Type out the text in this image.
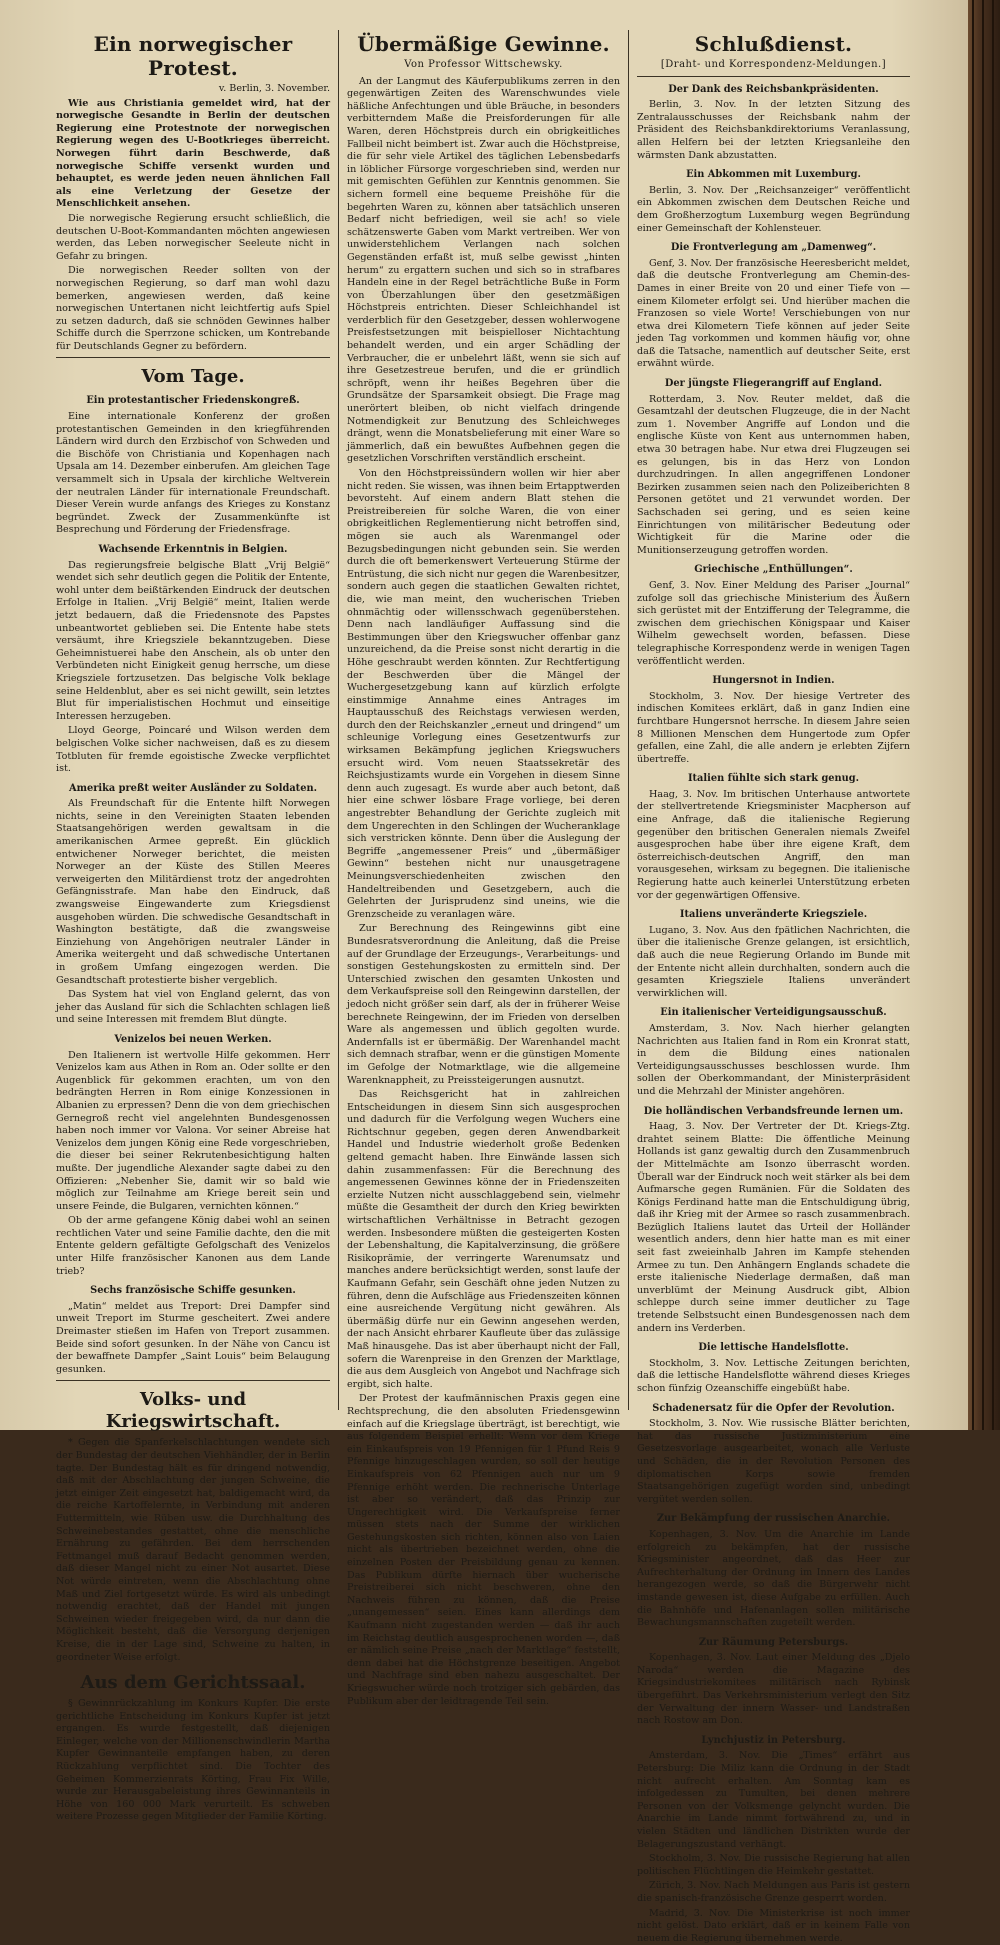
Ein norwegischer Protest.
v. Berlin, 3. November.

Wie aus Christiania gemeldet wird, hat der norwegische Gesandte in Berlin der deutschen Regierung eine Protestnote der norwegischen Regierung wegen des U-Bootkrieges überreicht. Norwegen führt darin Beschwerde, daß norwegische Schiffe versenkt wurden und behauptet, es werde jeden neuen ähnlichen Fall als eine Verletzung der Gesetze der Menschlichkeit ansehen.

Die norwegische Regierung ersucht schließlich, die deutschen U-Boot-Kommandanten möchten angewiesen werden, das Leben norwegischer Seeleute nicht in Gefahr zu bringen.

Die norwegischen Reeder sollten von der norwegischen Regierung, so darf man wohl dazu bemerken, angewiesen werden, daß keine norwegischen Untertanen nicht leichtfertig aufs Spiel zu setzen dadurch, daß sie schnöden Gewinnes halber Schiffe durch die Sperrzone schicken, um Kontrebande für Deutschlands Gegner zu befördern.

Vom Tage.
Ein protestantischer Friedenskongreß.

Eine internationale Konferenz der großen protestantischen Gemeinden in den kriegführenden Ländern wird durch den Erzbischof von Schweden und die Bischöfe von Christiania und Kopenhagen nach Upsala am 14. Dezember einberufen. Am gleichen Tage versammelt sich in Upsala der kirchliche Weltverein der neutralen Länder für internationale Freundschaft. Dieser Verein wurde anfangs des Krieges zu Konstanz begründet. Zweck der Zusammenkünfte ist Besprechung und Förderung der Friedensfrage.

Wachsende Erkenntnis in Belgien.

Das regierungsfreie belgische Blatt „Vrij België“ wendet sich sehr deutlich gegen die Politik der Entente, wohl unter dem beißtärkenden Eindruck der deutschen Erfolge in Italien. „Vrij België“ meint, Italien werde jetzt bedauern, daß die Friedensnote des Papstes unbeantwortet geblieben sei. Die Entente habe stets versäumt, ihre Kriegsziele bekanntzugeben. Diese Geheimnistuerei habe den Anschein, als ob unter den Verbündeten nicht Einigkeit genug herrsche, um diese Kriegsziele fortzusetzen. Das belgische Volk beklage seine Heldenblut, aber es sei nicht gewillt, sein letztes Blut für imperialistischen Hochmut und einseitige Interessen herzugeben.

Lloyd George, Poincaré und Wilson werden dem belgischen Volke sicher nachweisen, daß es zu diesem Totbluten für fremde egoistische Zwecke verpflichtet ist.

Amerika preßt weiter Ausländer zu Soldaten.

Als Freundschaft für die Entente hilft Norwegen nichts, seine in den Vereinigten Staaten lebenden Staatsangehörigen werden gewaltsam in die amerikanischen Armee gepreßt. Ein glücklich entwichener Norweger berichtet, die meisten Norweger an der Küste des Stillen Meeres verweigerten den Militärdienst trotz der angedrohten Gefängnisstrafe. Man habe den Eindruck, daß zwangsweise Eingewanderte zum Kriegsdienst ausgehoben würden. Die schwedische Gesandtschaft in Washington bestätigte, daß die zwangsweise Einziehung von Angehörigen neutraler Länder in Amerika weitergeht und daß schwedische Untertanen in großem Umfang eingezogen werden. Die Gesandtschaft protestierte bisher vergeblich.

Das System hat viel von England gelernt, das von jeher das Ausland für sich die Schlachten schlagen ließ und seine Interessen mit fremdem Blut düngte.

Venizelos bei neuen Werken.

Den Italienern ist wertvolle Hilfe gekommen. Herr Venizelos kam aus Athen in Rom an. Oder sollte er den Augenblick für gekommen erachten, um von den bedrängten Herren in Rom einige Konzessionen in Albanien zu erpressen? Denn die von dem griechischen Gernegroß recht viel angelehnten Bundesgenossen haben noch immer vor Valona. Vor seiner Abreise hat Venizelos dem jungen König eine Rede vorgeschrieben, die dieser bei seiner Rekrutenbesichtigung halten mußte. Der jugendliche Alexander sagte dabei zu den Offizieren: „Nebenher Sie, damit wir so bald wie möglich zur Teilnahme am Kriege bereit sein und unsere Feinde, die Bulgaren, vernichten können.“

Ob der arme gefangene König dabei wohl an seinen rechtlichen Vater und seine Familie dachte, den die mit Entente geldern gefältigte Gefolgschaft des Venizelos unter Hilfe französischer Kanonen aus dem Lande trieb?

Sechs französische Schiffe gesunken.

„Matin“ meldet aus Treport: Drei Dampfer sind unweit Treport im Sturme gescheitert. Zwei andere Dreimaster stießen im Hafen von Treport zusammen. Beide sind sofort gesunken. In der Nähe von Cancu ist der bewaffnete Dampfer „Saint Louis“ beim Belaugung gesunken.

Volks- und Kriegswirtschaft.

* Gegen die Spanferkelschlachtungen wendete sich der Bundestag der deutschen Viehhändler, der in Berlin tagte. Der Bundestag hält es für dringend notwendig, daß mit der Abschlachtung der jungen Schweine, die jetzt einiger Zeit eingesetzt hat, baldigemacht wird, da die reiche Kartoffelernte, in Verbindung mit anderen Futtermitteln, wie Rüben usw. die Durchhaltung des Schweinebestandes gestattet, ohne die menschliche Ernährung zu gefährden. Bei dem herrschenden Fettmangel muß darauf Bedacht genommen werden, daß dieser Mangel nicht zu einer Not ausartet. Diese Not würde eintreten, wenn die Abschlachtung ohne Maß und Ziel fortgesetzt würde. Es wird als unbedingt notwendig erachtet, daß der Handel mit jungen Schweinen wieder freigegeben wird, da nur dann die Möglichkeit besteht, daß die Versorgung derjenigen Kreise, die in der Lage sind, Schweine zu halten, in geordneter Weise erfolgt.

Aus dem Gerichtssaal.

§ Gewinnrückzahlung im Konkurs Kupfer. Die erste gerichtliche Entscheidung im Konkurs Kupfer ist jetzt ergangen. Es wurde festgestellt, daß diejenigen Einleger, welche von der Millionenschwindlerin Martha Kupfer Gewinnanteile empfangen haben, zu deren Rückzahlung verpflichtet sind. Die Tochter des Geheimen Kommerzienrats Körting, Frau Fix Wille, wurde zur Herausgabeleistung ihres Gewinnanteils in Höhe von 160 000 Mark verurteilt. Es schweben weitere Prozesse gegen Mitglieder der Familie Körting.

Übermäßige Gewinne.
Von Professor Wittschewsky.

An der Langmut des Käuferpublikums zerren in den gegenwärtigen Zeiten des Warenschwundes viele häßliche Anfechtungen und üble Bräuche, in besonders verbitterndem Maße die Preisforderungen für alle Waren, deren Höchstpreis durch ein obrigkeitliches Fallbeil nicht beimbert ist. Zwar auch die Höchstpreise, die für sehr viele Artikel des täglichen Lebensbedarfs in löblicher Fürsorge vorgeschrieben sind, werden nur mit gemischten Gefühlen zur Kenntnis genommen. Sie sichern formell eine bequeme Preishöhe für die begehrten Waren zu, können aber tatsächlich unseren Bedarf nicht befriedigen, weil sie ach! so viele schätzenswerte Gaben vom Markt vertreiben. Wer von unwiderstehlichem Verlangen nach solchen Gegenständen erfaßt ist, muß selbe gewisst „hinten herum“ zu ergattern suchen und sich so in strafbares Handeln eine in der Regel beträchtliche Buße in Form von Überzahlungen über den gesetzmäßigen Höchstpreis entrichten. Dieser Schleichhandel ist verderblich für den Gesetzgeber, dessen wohlerwogene Preisfestsetzungen mit beispielloser Nichtachtung behandelt werden, und ein arger Schädling der Verbraucher, die er unbelehrt läßt, wenn sie sich auf ihre Gesetzestreue berufen, und die er gründlich schröpft, wenn ihr heißes Begehren über die Grundsätze der Sparsamkeit obsiegt. Die Frage mag unerörtert bleiben, ob nicht vielfach dringende Notmendigkeit zur Benutzung des Schleichweges drängt, wenn die Monatsbelieferung mit einer Ware so jämmerlich, daß ein bewußtes Aufbehnen gegen die gesetzlichen Vorschriften verständlich erscheint.

Von den Höchstpreissündern wollen wir hier aber nicht reden. Sie wissen, was ihnen beim Ertapptwerden bevorsteht. Auf einem andern Blatt stehen die Preistreibereien für solche Waren, die von einer obrigkeitlichen Reglementierung nicht betroffen sind, mögen sie auch als Warenmangel oder Bezugsbedingungen nicht gebunden sein. Sie werden durch die oft bemerkenswert Verteuerung Stürme der Entrüstung, die sich nicht nur gegen die Warenbesitzer, sondern auch gegen die staatlichen Gewalten richtet, die, wie man meint, den wucherischen Trieben ohnmächtig oder willensschwach gegenüberstehen. Denn nach landläufiger Auffassung sind die Bestimmungen über den Kriegswucher offenbar ganz unzureichend, da die Preise sonst nicht derartig in die Höhe geschraubt werden könnten. Zur Rechtfertigung der Beschwerden über die Mängel der Wuchergesetzgebung kann auf kürzlich erfolgte einstimmige Annahme eines Antrages im Hauptausschuß des Reichstags verwiesen werden, durch den der Reichskanzler „erneut und dringend“ um schleunige Vorlegung eines Gesetzentwurfs zur wirksamen Bekämpfung jeglichen Kriegswuchers ersucht wird. Vom neuen Staatssekretär des Reichsjustizamts wurde ein Vorgehen in diesem Sinne denn auch zugesagt. Es wurde aber auch betont, daß hier eine schwer lösbare Frage vorliege, bei deren angestrebter Behandlung der Gerichte zugleich mit dem Ungerechten in den Schlingen der Wucheranklage sich verstricken könnte. Denn über die Auslegung der Begriffe „angemessener Preis“ und „übermäßiger Gewinn“ bestehen nicht nur unausgetragene Meinungsverschiedenheiten zwischen den Handeltreibenden und Gesetzgebern, auch die Gelehrten der Jurisprudenz sind uneins, wie die Grenzscheide zu veranlagen wäre.

Zur Berechnung des Reingewinns gibt eine Bundesratsverordnung die Anleitung, daß die Preise auf der Grundlage der Erzeugungs-, Verarbeitungs- und sonstigen Gestehungskosten zu ermitteln sind. Der Unterschied zwischen den gesamten Unkosten und dem Verkaufspreise soll den Reingewinn darstellen, der jedoch nicht größer sein darf, als der in früherer Weise berechnete Reingewinn, der im Frieden von derselben Ware als angemessen und üblich gegolten wurde. Andernfalls ist er übermäßig. Der Warenhandel macht sich demnach strafbar, wenn er die günstigen Momente im Gefolge der Notmarktlage, wie die allgemeine Warenknappheit, zu Preissteigerungen ausnutzt.

Das Reichsgericht hat in zahlreichen Entscheidungen in diesem Sinn sich ausgesprochen und dadurch für die Verfolgung wegen Wuchers eine Richtschnur gegeben, gegen deren Anwendbarkeit Handel und Industrie wiederholt große Bedenken geltend gemacht haben. Ihre Einwände lassen sich dahin zusammenfassen: Für die Berechnung des angemessenen Gewinnes könne der in Friedenszeiten erzielte Nutzen nicht ausschlaggebend sein, vielmehr müßte die Gesamtheit der durch den Krieg bewirkten wirtschaftlichen Verhältnisse in Betracht gezogen werden. Insbesondere müßten die gesteigerten Kosten der Lebenshaltung, die Kapitalverzinsung, die größere Risikoprämie, der verringerte Warenumsatz und manches andere berücksichtigt werden, sonst laufe der Kaufmann Gefahr, sein Geschäft ohne jeden Nutzen zu führen, denn die Aufschläge aus Friedenszeiten können eine ausreichende Vergütung nicht gewähren. Als übermäßig dürfe nur ein Gewinn angesehen werden, der nach Ansicht ehrbarer Kaufleute über das zulässige Maß hinausgehe. Das ist aber überhaupt nicht der Fall, sofern die Warenpreise in den Grenzen der Marktlage, die aus dem Ausgleich von Angebot und Nachfrage sich ergibt, sich halte.

Der Protest der kaufmännischen Praxis gegen eine Rechtsprechung, die den absoluten Friedensgewinn einfach auf die Kriegslage überträgt, ist berechtigt, wie aus folgendem Beispiel erhellt: Wenn vor dem Kriege ein Einkaufspreis von 19 Pfennigen für 1 Pfund Reis 9 Pfennige hinzugeschlagen wurden, so soll der heutige Einkaufspreis von 62 Pfennigen auch nur um 9 Pfennige erhöht werden. Die rechnerische Unterlage ist aber so verändert, daß das Prinzip zur Ungerechtigkeit wird. Die Verkaufspreise ferner müssen stets nach der Summe der wirklichen Gestehungskosten sich richten, können also von Laien nicht als übertrieben bezeichnet werden, ohne die einzelnen Posten der Preisbildung genau zu kennen. Das Publikum dürfte hiernach über wucherische Preistreiberei sich nicht beschweren, ohne den Nachweis führen zu können, daß die Preise „unangemessen“ seien. Eines kann allerdings dem Kaufmann nicht zugestanden werden — daß ihr auch im Reichstag deutlich ausgesprochenen worden —, daß er nämlich seine Preise „nach der Marktlage“ feststellt, denn dabei hat die Höchstgrenze beseitigen. Angebot und Nachfrage sind eben nahezu ausgeschaltet. Der Kriegswucher würde noch trotziger sich gebärden, das Publikum aber der leidtragende Teil sein.

Schlußdienst.
[Draht- und Korrespondenz-Meldungen.]
Der Dank des Reichsbankpräsidenten.

Berlin, 3. Nov. In der letzten Sitzung des Zentralausschusses der Reichsbank nahm der Präsident des Reichsbankdirektoriums Veranlassung, allen Helfern bei der letzten Kriegsanleihe den wärmsten Dank abzustatten.

Ein Abkommen mit Luxemburg.

Berlin, 3. Nov. Der „Reichsanzeiger“ veröffentlicht ein Abkommen zwischen dem Deutschen Reiche und dem Großherzogtum Luxemburg wegen Begründung einer Gemeinschaft der Kohlensteuer.

Die Frontverlegung am „Damenweg“.

Genf, 3. Nov. Der französische Heeresbericht meldet, daß die deutsche Frontverlegung am Chemin-des-Dames in einer Breite von 20 und einer Tiefe von — einem Kilometer erfolgt sei. Und hierüber machen die Franzosen so viele Worte! Verschiebungen von nur etwa drei Kilometern Tiefe können auf jeder Seite jeden Tag vorkommen und kommen häufig vor, ohne daß die Tatsache, namentlich auf deutscher Seite, erst erwähnt würde.

Der jüngste Fliegerangriff auf England.

Rotterdam, 3. Nov. Reuter meldet, daß die Gesamtzahl der deutschen Flugzeuge, die in der Nacht zum 1. November Angriffe auf London und die englische Küste von Kent aus unternommen haben, etwa 30 betragen habe. Nur etwa drei Flugzeugen sei es gelungen, bis in das Herz von London durchzudringen. In allen angegriffenen Londoner Bezirken zusammen seien nach den Polizeiberichten 8 Personen getötet und 21 verwundet worden. Der Sachschaden sei gering, und es seien keine Einrichtungen von militärischer Bedeutung oder Wichtigkeit für die Marine oder die Munitionserzeugung getroffen worden.

Griechische „Enthüllungen“.

Genf, 3. Nov. Einer Meldung des Pariser „Journal“ zufolge soll das griechische Ministerium des Äußern sich gerüstet mit der Entzifferung der Telegramme, die zwischen dem griechischen Königspaar und Kaiser Wilhelm gewechselt worden, befassen. Diese telegraphische Korrespondenz werde in wenigen Tagen veröffentlicht werden.

Hungersnot in Indien.

Stockholm, 3. Nov. Der hiesige Vertreter des indischen Komitees erklärt, daß in ganz Indien eine furchtbare Hungersnot herrsche. In diesem Jahre seien 8 Millionen Menschen dem Hungertode zum Opfer gefallen, eine Zahl, die alle andern je erlebten Zijfern übertreffe.

Italien fühlte sich stark genug.

Haag, 3. Nov. Im britischen Unterhause antwortete der stellvertretende Kriegsminister Macpherson auf eine Anfrage, daß die italienische Regierung gegenüber den britischen Generalen niemals Zweifel ausgesprochen habe über ihre eigene Kraft, dem österreichisch-deutschen Angriff, den man vorausgesehen, wirksam zu begegnen. Die italienische Regierung hatte auch keinerlei Unterstützung erbeten vor der gegenwärtigen Offensive.

Italiens unveränderte Kriegsziele.

Lugano, 3. Nov. Aus den fpätlichen Nachrichten, die über die italienische Grenze gelangen, ist ersichtlich, daß auch die neue Regierung Orlando im Bunde mit der Entente nicht allein durchhalten, sondern auch die gesamten Kriegsziele Italiens unverändert verwirklichen will.

Ein italienischer Verteidigungsausschuß.

Amsterdam, 3. Nov. Nach hierher gelangten Nachrichten aus Italien fand in Rom ein Kronrat statt, in dem die Bildung eines nationalen Verteidigungsausschusses beschlossen wurde. Ihm sollen der Oberkommandant, der Ministerpräsident und die Mehrzahl der Minister angehören.

Die holländischen Verbandsfreunde lernen um.

Haag, 3. Nov. Der Vertreter der Dt. Kriegs-Ztg. drahtet seinem Blatte: Die öffentliche Meinung Hollands ist ganz gewaltig durch den Zusammenbruch der Mittelmächte am Isonzo überrascht worden. Überall war der Eindruck noch weit stärker als bei dem Aufmarsche gegen Rumänien. Für die Soldaten des Königs Ferdinand hatte man die Entschuldigung übrig, daß ihr Krieg mit der Armee so rasch zusammenbrach. Bezüglich Italiens lautet das Urteil der Holländer wesentlich anders, denn hier hatte man es mit einer seit fast zweieinhalb Jahren im Kampfe stehenden Armee zu tun. Den Anhängern Englands schadete die erste italienische Niederlage dermaßen, daß man unverblümt der Meinung Ausdruck gibt, Albion schleppe durch seine immer deutlicher zu Tage tretende Selbstsucht einen Bundesgenossen nach dem andern ins Verderben.

Die lettische Handelsflotte.

Stockholm, 3. Nov. Lettische Zeitungen berichten, daß die lettische Handelsflotte während dieses Krieges schon fünfzig Ozeanschiffe eingebüßt habe.

Schadenersatz für die Opfer der Revolution.

Stockholm, 3. Nov. Wie russische Blätter berichten, hat das russische Justizministerium eine Gesetzesvorlage ausgearbeitet, wonach alle Verluste und Schäden, die in der Revolution Personen des diplomatischen Korps sowie fremden Staatsangehörigen zugefügt worden sind, unbedingt vergütet werden sollen.

Zur Bekämpfung der russischen Anarchie.

Kopenhagen, 3. Nov. Um die Anarchie im Lande erfolgreich zu bekämpfen, hat der russische Kriegsminister angeordnet, daß das Heer zur Aufrechterhaltung der Ordnung im Innern des Landes herangezogen werde, so daß die Bürgerwehr nicht imstande gewesen ist, diese Aufgabe zu erfüllen. Auch die Bahnhöfe und Hafenanlagen sollen militärische Bewachungsmannschaften zugeteilt werden.

Zur Räumung Petersburgs.

Kopenhagen, 3. Nov. Laut einer Meldung des „Djelo Naroda“ werden die Magazine des Kriegsindustriekomitees militärisch nach Rybinsk übergeführt. Das Verkehrsministerium verlegt den Sitz der Verwaltung der innern Wasser- und Landstraßen nach Rostow am Don.

Lynchjustiz in Petersburg.

Amsterdam, 3. Nov. Die „Times“ erfährt aus Petersburg: Die Miliz kann die Ordnung in der Stadt nicht aufrecht erhalten. Am Sonntag kam es infolgedessen zu Tumulten, bei denen mehrere Personen von der Volksmenge gelyncht wurden. Die Anarchie im Lande nimmt fortwährend zu, und in vielen Städten und ländlichen Distrikten wurde der Belagerungszustand verhängt.

Stockholm, 3. Nov. Die russische Regierung hat allen politischen Flüchtlingen die Heimkehr gestattet.

Zürich, 3. Nov. Nach Meldungen aus Paris ist gestern die spanisch-französische Grenze gesperrt worden.

Madrid, 3. Nov. Die Ministerkrise ist noch immer nicht gelöst. Dato erklärt, daß er in keinem Falle von neuem die Regierung übernehmen werde.
